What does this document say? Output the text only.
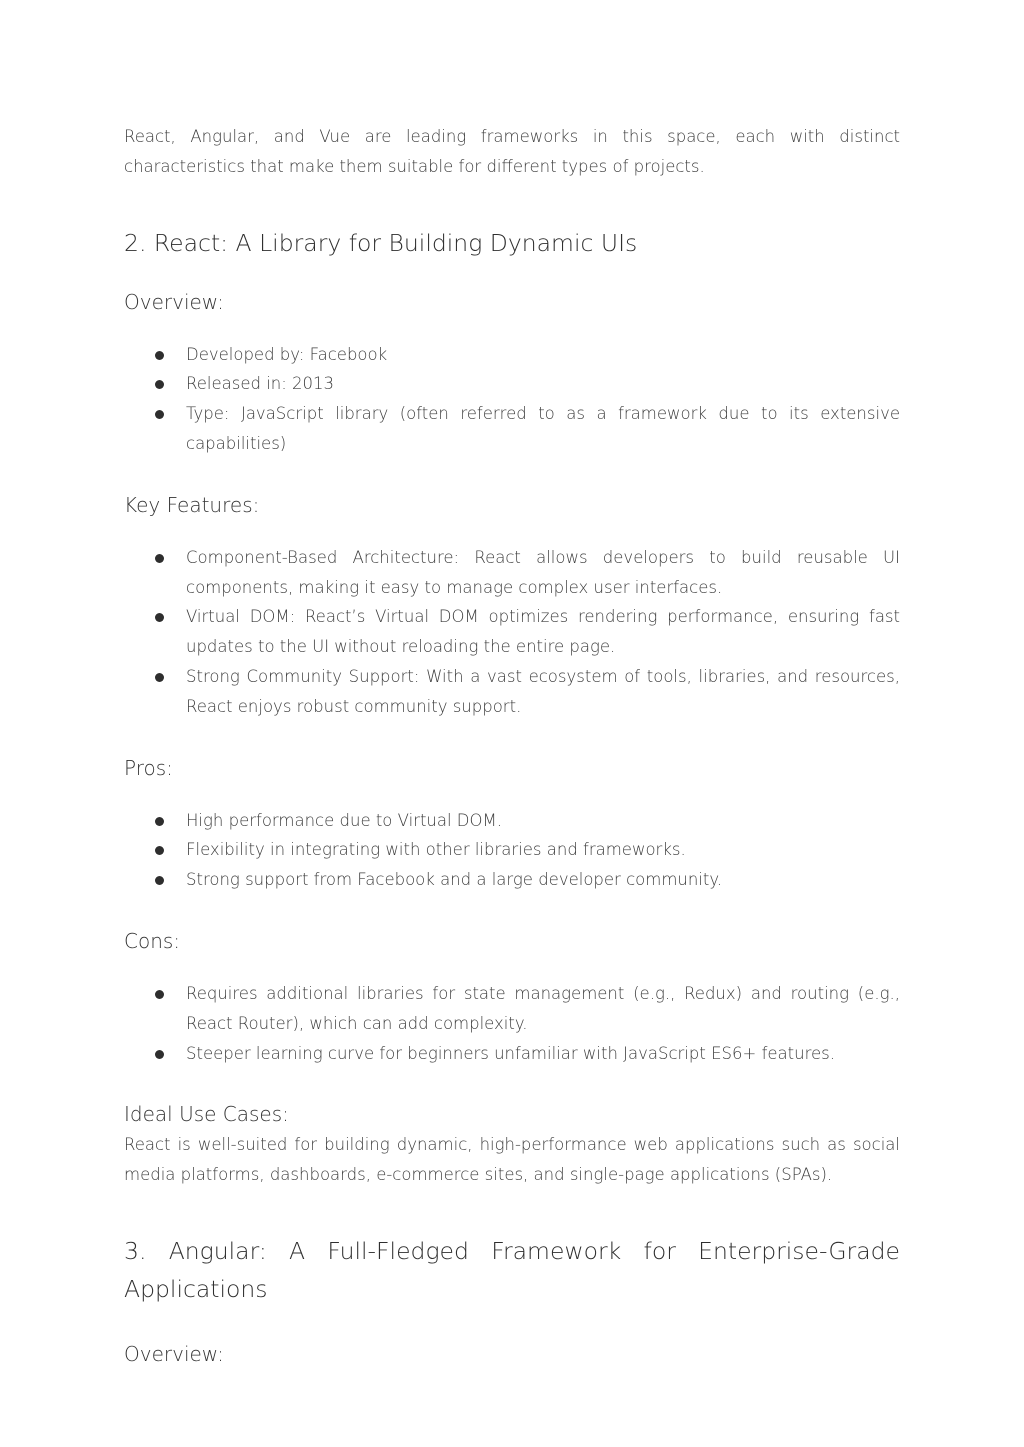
React, Angular, and Vue are leading frameworks in this space, each with distinct characteristics that make them suitable for different types of projects.

2. React: A Library for Building Dynamic UIs
Overview:
Developed by: Facebook
Released in: 2013
Type: JavaScript library (often referred to as a framework due to its extensive capabilities)
Key Features:
Component-Based Architecture: React allows developers to build reusable UI components, making it easy to manage complex user interfaces.
Virtual DOM: React’s Virtual DOM optimizes rendering performance, ensuring fast updates to the UI without reloading the entire page.
Strong Community Support: With a vast ecosystem of tools, libraries, and resources, React enjoys robust community support.
Pros:
High performance due to Virtual DOM.
Flexibility in integrating with other libraries and frameworks.
Strong support from Facebook and a large developer community.
Cons:
Requires additional libraries for state management (e.g., Redux) and routing (e.g., React Router), which can add complexity.
Steeper learning curve for beginners unfamiliar with JavaScript ES6+ features.
Ideal Use Cases:

React is well-suited for building dynamic, high-performance web applications such as social media platforms, dashboards, e-commerce sites, and single-page applications (SPAs).

3. Angular: A Full-Fledged Framework for Enterprise-Grade Applications
Overview:
